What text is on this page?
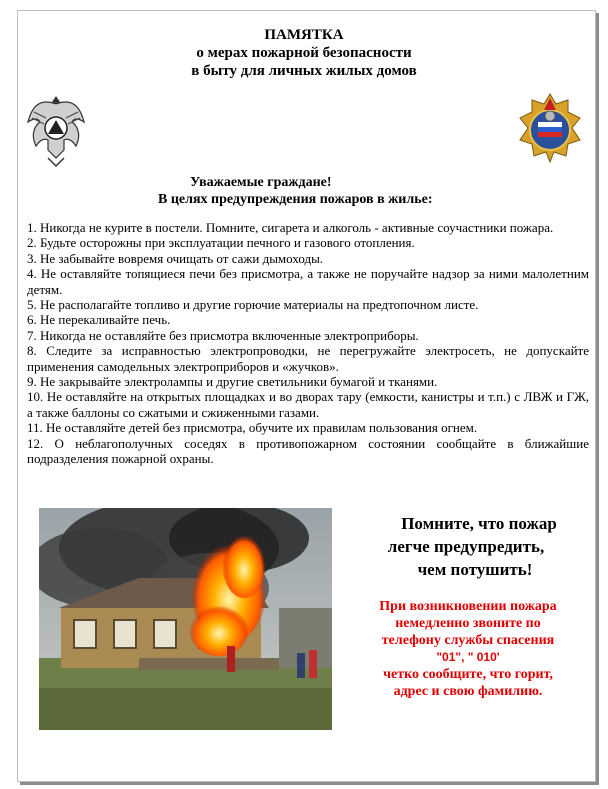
ПАМЯТКА
о мерах пожарной безопасности
в быту для личных жилых домов
Уважаемые граждане!
В целях предупреждения пожаров в жилье:

1. Никогда не курите в постели. Помните, сигарета и алкоголь - активные соучастники пожара.

2. Будьте осторожны при эксплуатации печного и газового отопления.

3. Не забывайте вовремя очищать от сажи дымоходы.

4. Не оставляйте топящиеся печи без присмотра, а также не поручайте надзор за ними малолетним детям.

5. Не располагайте топливо и другие горючие материалы на предтопочном листе.

6. Не перекаливайте печь.

7. Никогда не оставляйте без присмотра включенные электроприборы.

8. Следите за исправностью электропроводки, не перегружайте электросеть, не допускайте применения самодельных электроприборов и «жучков».

9. Не закрывайте электролампы и другие светильники бумагой и тканями.

10. Не оставляйте на открытых площадках и во дворах тару (емкости, канистры и т.п.) с ЛВЖ и ГЖ, а также баллоны со сжатыми и сжиженными газами.

11. Не оставляйте детей без присмотра, обучите их правилам пользования огнем.

12. О неблагополучных соседях в противопожарном состоянии сообщайте в ближайшие подразделения пожарной охраны.

Помните, что пожар
легче предупредить,
чем потушить!
При возникновении пожара
немедленно звоните по
телефону службы спасения
"01", " 010'
четко сообщите, что горит,
адрес и свою фамилию.
